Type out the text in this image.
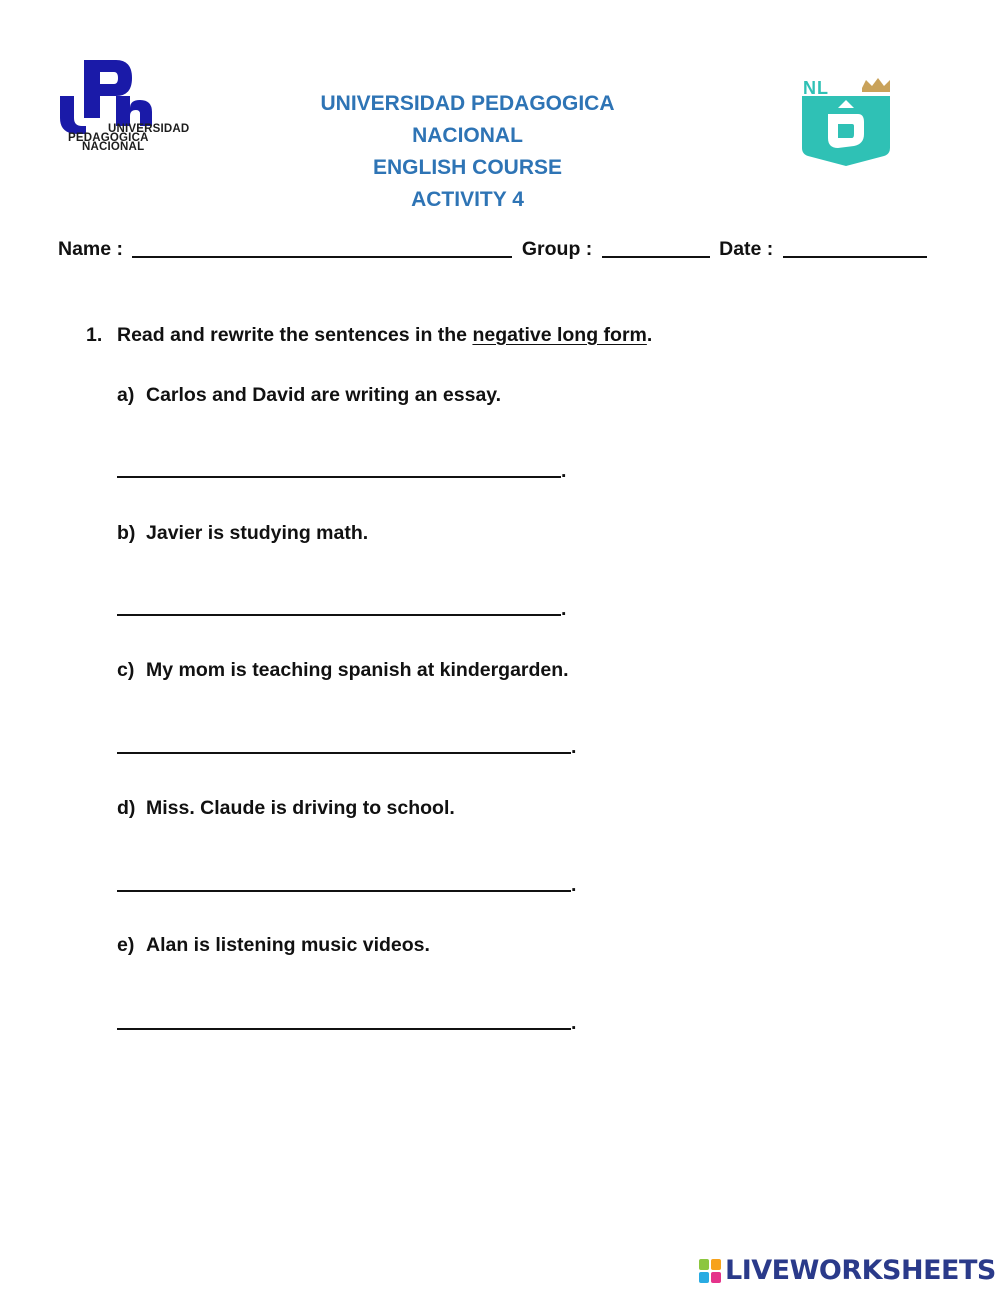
UNIVERSIDAD
PEDAGOGICA
NACIONAL
UNIVERSIDAD PEDAGOGICA
NACIONAL
ENGLISH COURSE
ACTIVITY 4
NL
Name :	Group :	Date :
1. Read and rewrite the sentences in the negative long form.
a) Carlos and David are writing an essay.
.
b) Javier is studying math.
.
c) My mom is teaching spanish at kindergarden.
.
d) Miss. Claude is driving to school.
.
e) Alan is listening music videos.
.
LIVEWORKSHEETS
